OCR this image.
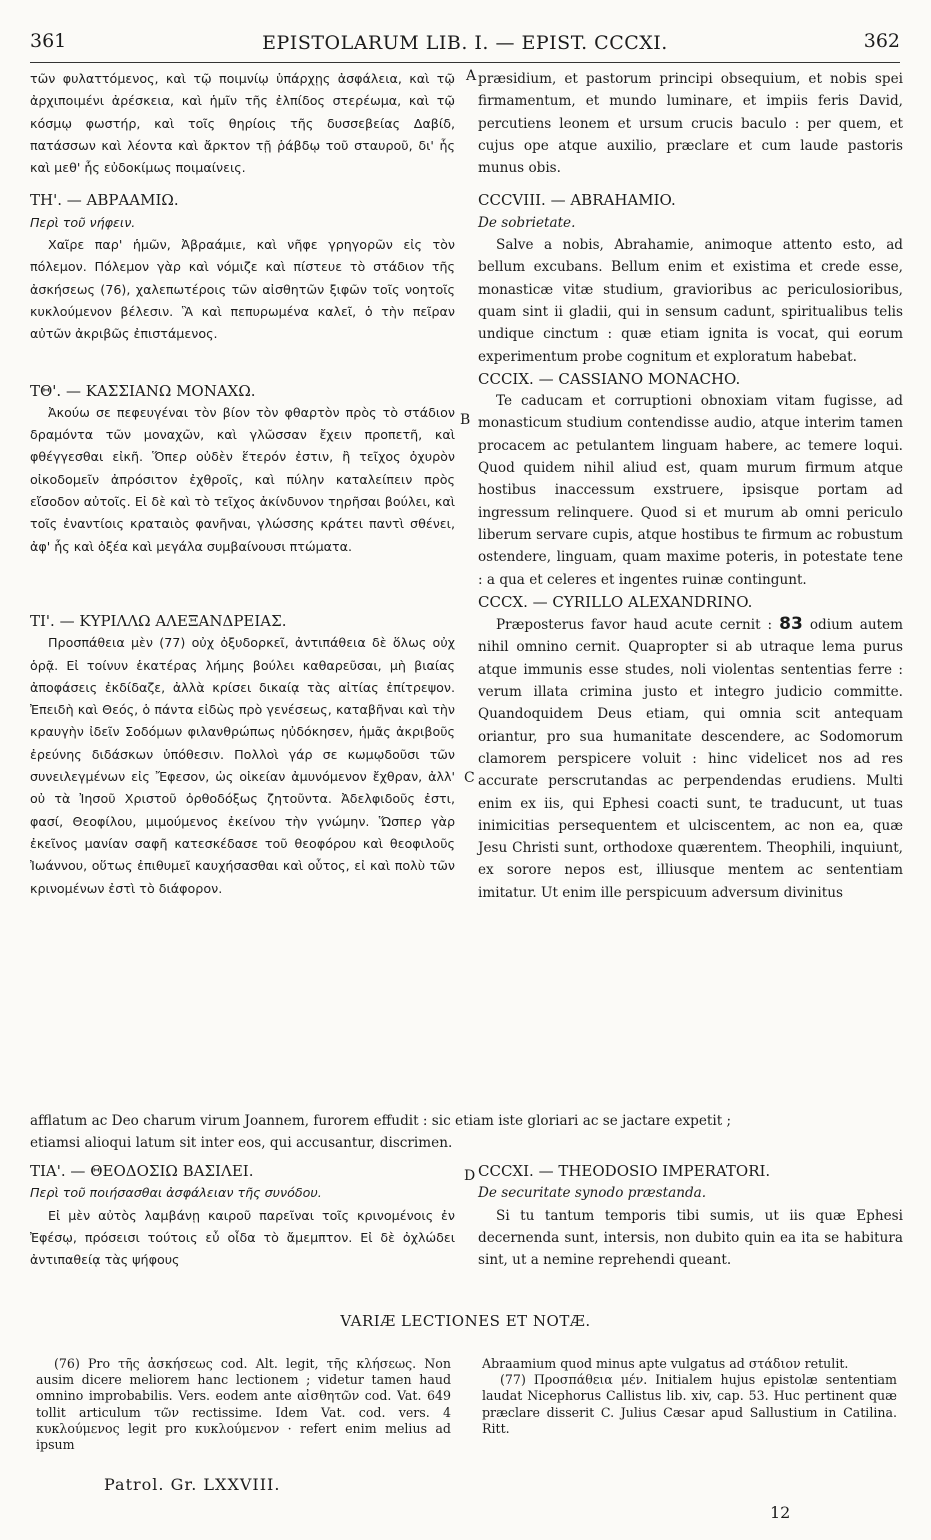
361	EPISTOLARUM LIB. I. — EPIST. CCCXI.	362
A
B
C
D

τῶν φυλαττόμενος, καὶ τῷ ποιμνίῳ ὑπάρχῃς ἀσφάλεια, καὶ τῷ ἀρχιποιμένι ἀρέσκεια, καὶ ἡμῖν τῆς ἐλπίδος στερέωμα, καὶ τῷ κόσμῳ φωστήρ, καὶ τοῖς θηρίοις τῆς δυσσεβείας Δαβίδ, πατάσσων καὶ λέοντα καὶ ἄρκτον τῇ ῥάβδῳ τοῦ σταυροῦ, δι' ἧς καὶ μεθ' ἧς εὐδοκίμως ποιμαίνεις.

ΤΗ'. — ΑΒΡΑΑΜΙΩ.

Περὶ τοῦ νήφειν.

Χαῖρε παρ' ἡμῶν, Ἀβραάμιε, καὶ νῆφε γρηγορῶν εἰς τὸν πόλεμον. Πόλεμον γὰρ καὶ νόμιζε καὶ πίστευε τὸ στάδιον τῆς ἀσκήσεως (76), χαλεπωτέροις τῶν αἰσθητῶν ξιφῶν τοῖς νοητοῖς κυκλούμενον βέλεσιν. Ἃ καὶ πεπυρωμένα καλεῖ, ὁ τὴν πεῖραν αὐτῶν ἀκριβῶς ἐπιστάμενος.

ΤΘ'. — ΚΑΣΣΙΑΝΩ ΜΟΝΑΧΩ.

Ἀκούω σε πεφευγέναι τὸν βίον τὸν φθαρτὸν πρὸς τὸ στάδιον δραμόντα τῶν μοναχῶν, καὶ γλῶσσαν ἔχειν προπετῆ, καὶ φθέγγεσθαι εἰκῆ. Ὅπερ οὐδὲν ἕτερόν ἐστιν, ἢ τεῖχος ὀχυρὸν οἰκοδομεῖν ἀπρόσιτον ἐχθροῖς, καὶ πύλην καταλείπειν πρὸς εἴσοδον αὐτοῖς. Εἰ δὲ καὶ τὸ τεῖχος ἀκίνδυνον τηρῆσαι βούλει, καὶ τοῖς ἐναντίοις κραταιὸς φανῆναι, γλώσσης κράτει παντὶ σθένει, ἀφ' ἧς καὶ ὀξέα καὶ μεγάλα συμβαίνουσι πτώματα.

ΤΙ'. — ΚΥΡΙΛΛΩ ΑΛΕΞΑΝΔΡΕΙΑΣ.

Προσπάθεια μὲν (77) οὐχ ὀξυδορκεῖ, ἀντιπάθεια δὲ ὅλως οὐχ ὁρᾷ. Εἰ τοίνυν ἑκατέρας λήμης βούλει καθαρεῦσαι, μὴ βιαίας ἀποφάσεις ἐκδίδαζε, ἀλλὰ κρίσει δικαίᾳ τὰς αἰτίας ἐπίτρεψον. Ἐπειδὴ καὶ Θεός, ὁ πάντα εἰδὼς πρὸ γενέσεως, καταβῆναι καὶ τὴν κραυγὴν ἰδεῖν Σοδόμων φιλανθρώπως ηὐδόκησεν, ἡμᾶς ἀκριβοῦς ἐρεύνης διδάσκων ὑπόθεσιν. Πολλοὶ γάρ σε κωμῳδοῦσι τῶν συνειλεγμένων εἰς Ἔφεσον, ὡς οἰκείαν ἀμυνόμενον ἔχθραν, ἀλλ' οὐ τὰ Ἰησοῦ Χριστοῦ ὀρθοδόξως ζητοῦντα. Ἀδελφιδοῦς ἐστι, φασί, Θεοφίλου, μιμούμενος ἐκείνου τὴν γνώμην. Ὥσπερ γὰρ ἐκεῖνος μανίαν σαφῆ κατεσκέδασε τοῦ θεοφόρου καὶ θεοφιλοῦς Ἰωάννου, οὕτως ἐπιθυμεῖ καυχήσασθαι καὶ οὗτος, εἰ καὶ πολὺ τῶν κρινομένων ἐστὶ τὸ διάφορον.

præsidium, et pastorum principi obsequium, et nobis spei firmamentum, et mundo luminare, et impiis feris David, percutiens leonem et ursum crucis baculo : per quem, et cujus ope atque auxilio, præclare et cum laude pastoris munus obis.

CCCVIII. — ABRAHAMIO.

De sobrietate.

Salve a nobis, Abrahamie, animoque attento esto, ad bellum excubans. Bellum enim et existima et crede esse, monasticæ vitæ studium, gravioribus ac periculosioribus, quam sint ii gladii, qui in sensum cadunt, spiritualibus telis undique cinctum : quæ etiam ignita is vocat, qui eorum experimentum probe cognitum et exploratum habebat.

CCCIX. — CASSIANO MONACHO.

Te caducam et corruptioni obnoxiam vitam fugisse, ad monasticum studium contendisse audio, atque interim tamen procacem ac petulantem linguam habere, ac temere loqui. Quod quidem nihil aliud est, quam murum firmum atque hostibus inaccessum exstruere, ipsisque portam ad ingressum relinquere. Quod si et murum ab omni periculo liberum servare cupis, atque hostibus te firmum ac robustum ostendere, linguam, quam maxime poteris, in potestate tene : a qua et celeres et ingentes ruinæ contingunt.

CCCX. — CYRILLO ALEXANDRINO.

Præposterus favor haud acute cernit : 83 odium autem nihil omnino cernit. Quapropter si ab utraque lema purus atque immunis esse studes, noli violentas sententias ferre : verum illata crimina justo et integro judicio committe. Quandoquidem Deus etiam, qui omnia scit antequam oriantur, pro sua humanitate descendere, ac Sodomorum clamorem perspicere voluit : hinc videlicet nos ad res accurate perscrutandas ac perpendendas erudiens. Multi enim ex iis, qui Ephesi coacti sunt, te traducunt, ut tuas inimicitias persequentem et ulciscentem, ac non ea, quæ Jesu Christi sunt, orthodoxe quærentem. Theophili, inquiunt, ex sorore nepos est, illiusque mentem ac sententiam imitatur. Ut enim ille perspicuum adversum divinitus

afflatum ac Deo charum virum Joannem, furorem effudit : sic etiam iste gloriari ac se jactare expetit ;

etiamsi alioqui latum sit inter eos, qui accusantur, discrimen.

ΤΙΑ'. — ΘΕΟΔΟΣΙΩ ΒΑΣΙΛΕΙ.

Περὶ τοῦ ποιήσασθαι ἀσφάλειαν τῆς συνόδου.

Εἰ μὲν αὐτὸς λαμβάνῃ καιροῦ παρεῖναι τοῖς κρινομένοις ἐν Ἐφέσῳ, πρόσεισι τούτοις εὖ οἶδα τὸ ἄμεμπτον. Εἰ δὲ ὀχλώδει ἀντιπαθείᾳ τὰς ψήφους

CCCXI. — THEODOSIO IMPERATORI.

De securitate synodo præstanda.

Si tu tantum temporis tibi sumis, ut iis quæ Ephesi decernenda sunt, intersis, non dubito quin ea ita se habitura sint, ut a nemine reprehendi queant.

VARIÆ LECTIONES ET NOTÆ.

(76) Pro τῆς ἀσκήσεως cod. Alt. legit, τῆς κλήσεως. Non ausim dicere meliorem hanc lectionem ; videtur tamen haud omnino improbabilis. Vers. eodem ante αἰσθητῶν cod. Vat. 649 tollit articulum τῶν rectissime. Idem Vat. cod. vers. 4 κυκλούμενος legit pro κυκλούμενον · refert enim melius ad ipsum

Abraamium quod minus apte vulgatus ad στάδιον retulit.

(77) Προσπάθεια μέν. Initialem hujus epistolæ sententiam laudat Nicephorus Callistus lib. xiv, cap. 53. Huc pertinent quæ præclare disserit C. Julius Cæsar apud Sallustium in Catilina. Ritt.

Patrol. Gr. LXXVIII.
12
